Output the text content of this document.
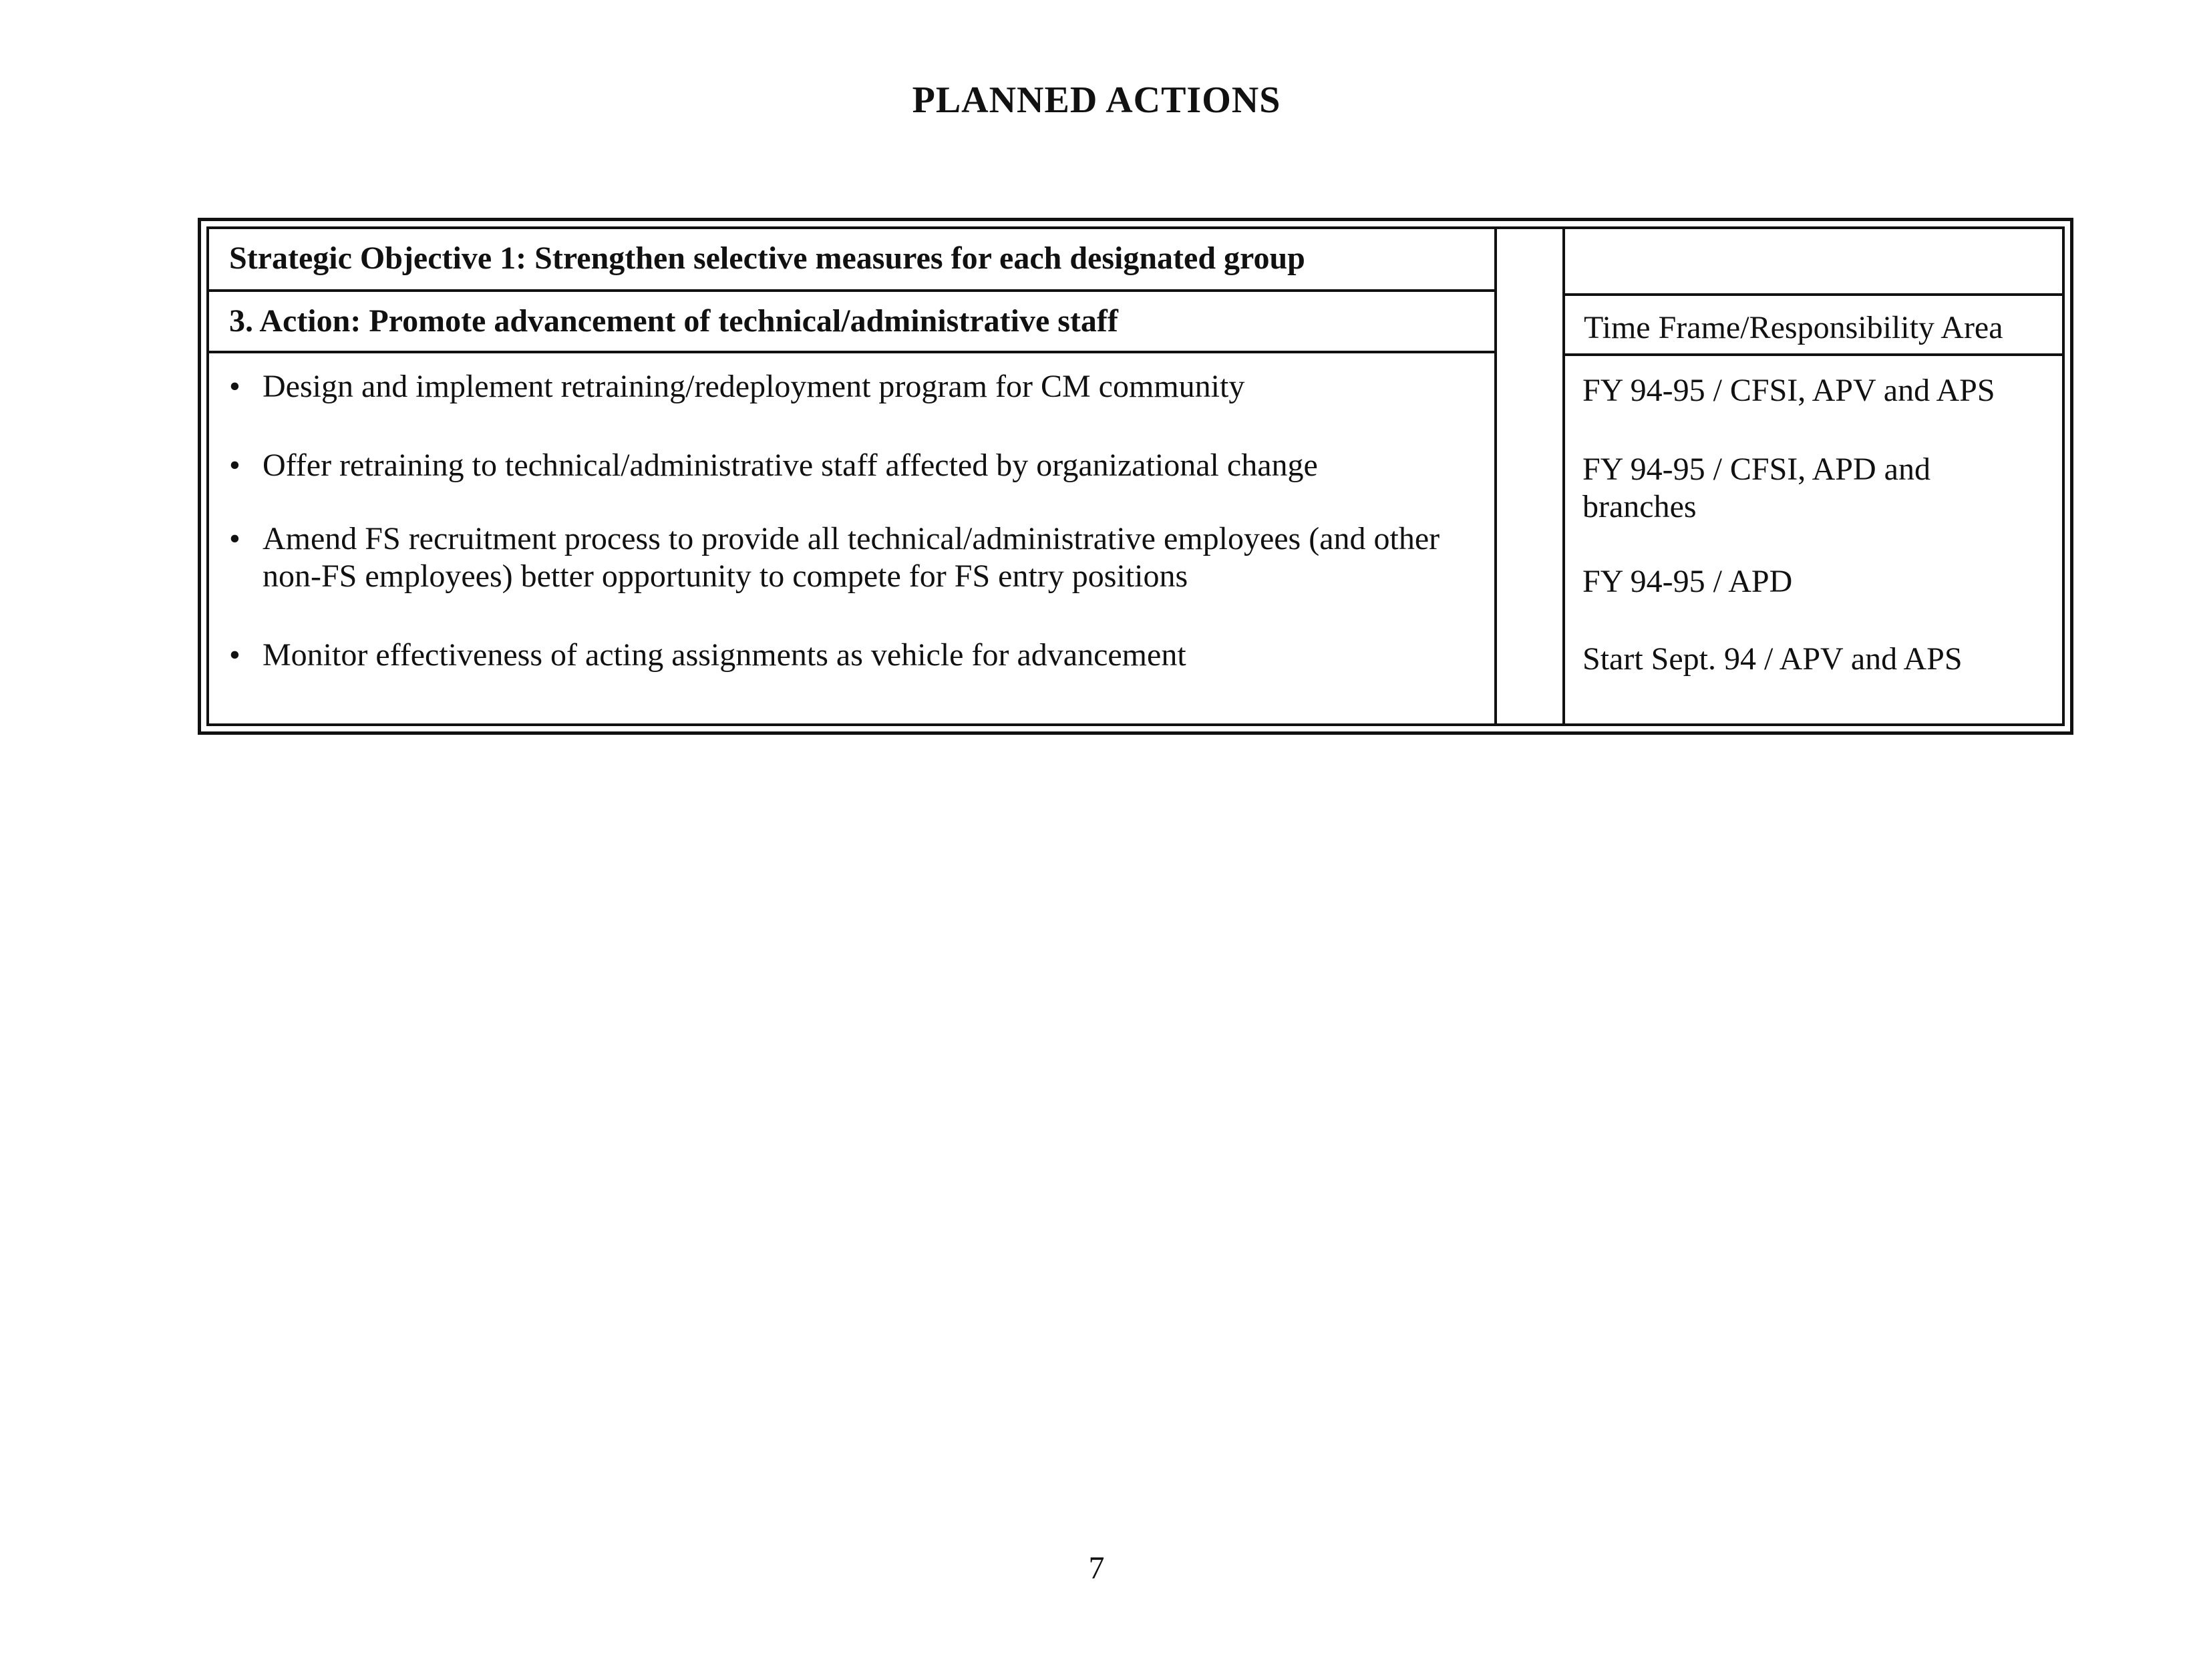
PLANNED ACTIONS
Strategic Objective 1: Strengthen selective measures for each designated group
3. Action: Promote advancement of technical/administrative staff	Time Frame/Responsibility Area
• Design and implement retraining/redeployment program for CM community	FY 94-95 / CFSI, APV and APS
• Offer retraining to technical/administrative staff affected by organizational change	FY 94-95 / CFSI, APD and branches
• Amend FS recruitment process to provide all technical/administrative employees (and other non-FS employees) better opportunity to compete for FS entry positions	FY 94-95 / APD
• Monitor effectiveness of acting assignments as vehicle for advancement	Start Sept. 94 / APV and APS
7
